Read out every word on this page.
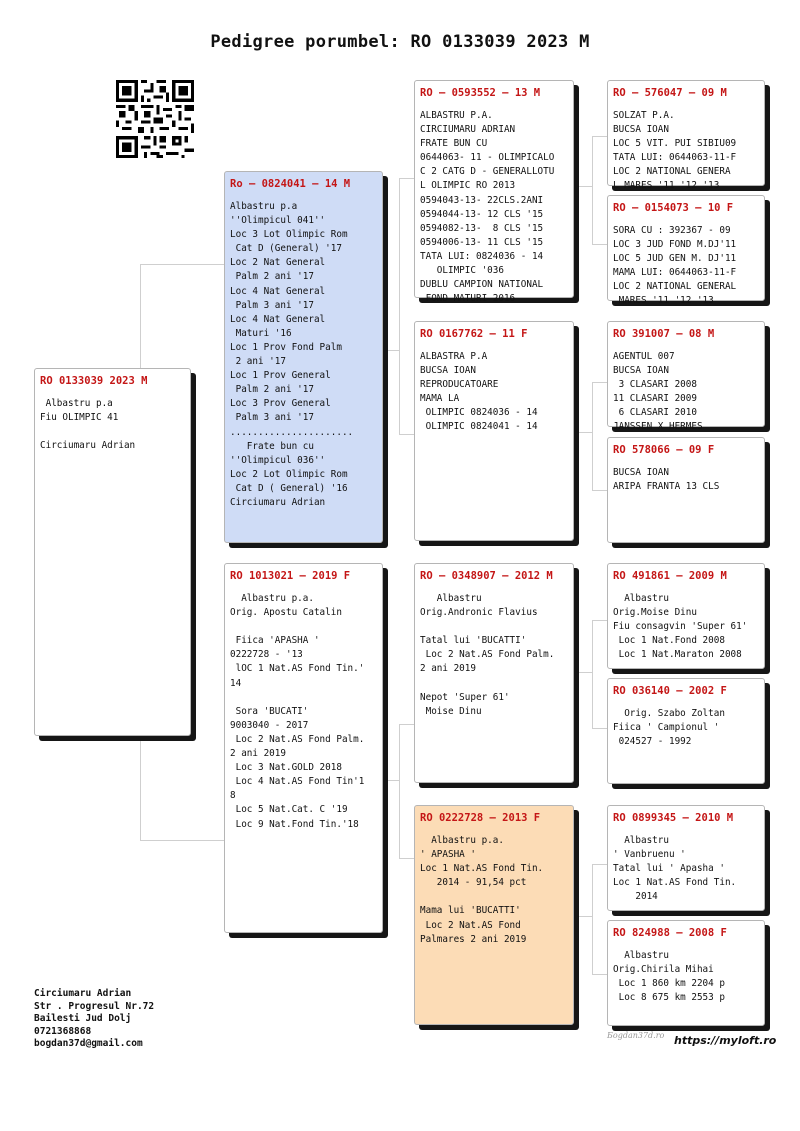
Pedigree porumbel: RO 0133039 2023 M
RO 0133039 2023 M
Albastru p.a
Fiu OLIMPIC 41

Circiumaru Adrian
Ro – 0824041 – 14 M
Albastru p.a
''Olimpicul 041''
Loc 3 Lot Olimpic Rom
Cat D (General) '17
Loc 2 Nat General
Palm 2 ani '17
Loc 4 Nat General
Palm 3 ani '17
Loc 4 Nat General
Maturi '16
Loc 1 Prov Fond Palm
2 ani '17
Loc 1 Prov General
Palm 2 ani '17
Loc 3 Prov General
Palm 3 ani '17
......................
Frate bun cu
''Olimpicul 036''
Loc 2 Lot Olimpic Rom
Cat D ( General) '16
Circiumaru Adrian
RO 1013021 – 2019 F
Albastru p.a.
Orig. Apostu Catalin

Fiica 'APASHA '
0222728 - '13
lOC 1 Nat.AS Fond Tin.'
14

Sora 'BUCATI'
9003040 - 2017
Loc 2 Nat.AS Fond Palm.
2 ani 2019
Loc 3 Nat.GOLD 2018
Loc 4 Nat.AS Fond Tin'1
8
Loc 5 Nat.Cat. C '19
Loc 9 Nat.Fond Tin.'18
RO – 0593552 – 13 M
ALBASTRU P.A.
CIRCIUMARU ADRIAN
FRATE BUN CU
0644063- 11 - OLIMPICALO
C 2 CATG D - GENERALLOTU
L OLIMPIC RO 2013
0594043-13- 22CLS.2ANI
0594044-13- 12 CLS '15
0594082-13-  8 CLS '15
0594006-13- 11 CLS '15
TATA LUI: 0824036 - 14
OLIMPIC '036
DUBLU CAMPION NATIONAL
FOND MATURI 2016
RO 0167762 – 11 F
ALBASTRA P.A
BUCSA IOAN
REPRODUCATOARE
MAMA LA
OLIMPIC 0824036 - 14
OLIMPIC 0824041 - 14
RO – 0348907 – 2012 M
Albastru
Orig.Andronic Flavius

Tatal lui 'BUCATTI'
Loc 2 Nat.AS Fond Palm.
2 ani 2019

Nepot 'Super 61'
Moise Dinu
RO 0222728 – 2013 F
Albastru p.a.
' APASHA '
Loc 1 Nat.AS Fond Tin.
2014 - 91,54 pct

Mama lui 'BUCATTI'
Loc 2 Nat.AS Fond
Palmares 2 ani 2019
RO – 576047 – 09 M
SOLZAT P.A.
BUCSA IOAN
LOC 5 VIT. PUI SIBIU09
TATA LUI: 0644063-11-F
LOC 2 NATIONAL GENERA
L MARES '11 '12 '13
RO – 0154073 – 10 F
SORA CU : 392367 - 09
LOC 3 JUD FOND M.DJ'11
LOC 5 JUD GEN M. DJ'11
MAMA LUI: 0644063-11-F
LOC 2 NATIONAL GENERAL
MARES '11 '12 '13
RO 391007 – 08 M
AGENTUL 007
BUCSA IOAN
3 CLASARI 2008
11 CLASARI 2009
6 CLASARI 2010
JANSSEN X HERMES
RO 578066 – 09 F
BUCSA IOAN
ARIPA FRANTA 13 CLS
RO 491861 – 2009 M
Albastru
Orig.Moise Dinu
Fiu consagvin 'Super 61'
Loc 1 Nat.Fond 2008
Loc 1 Nat.Maraton 2008
RO 036140 – 2002 F
Orig. Szabo Zoltan
Fiica ' Campionul '
024527 - 1992
RO 0899345 – 2010 M
Albastru
' Vanbruenu '
Tatal lui ' Apasha '
Loc 1 Nat.AS Fond Tin.
2014
RO 824988 – 2008 F
Albastru
Orig.Chirila Mihai
Loc 1 860 km 2204 p
Loc 8 675 km 2553 p
Circiumaru Adrian
Str . Progresul Nr.72
Bailesti Jud Dolj
0721368868
bogdan37d@gmail.com
Бogdan37d.ro https://myloft.ro
